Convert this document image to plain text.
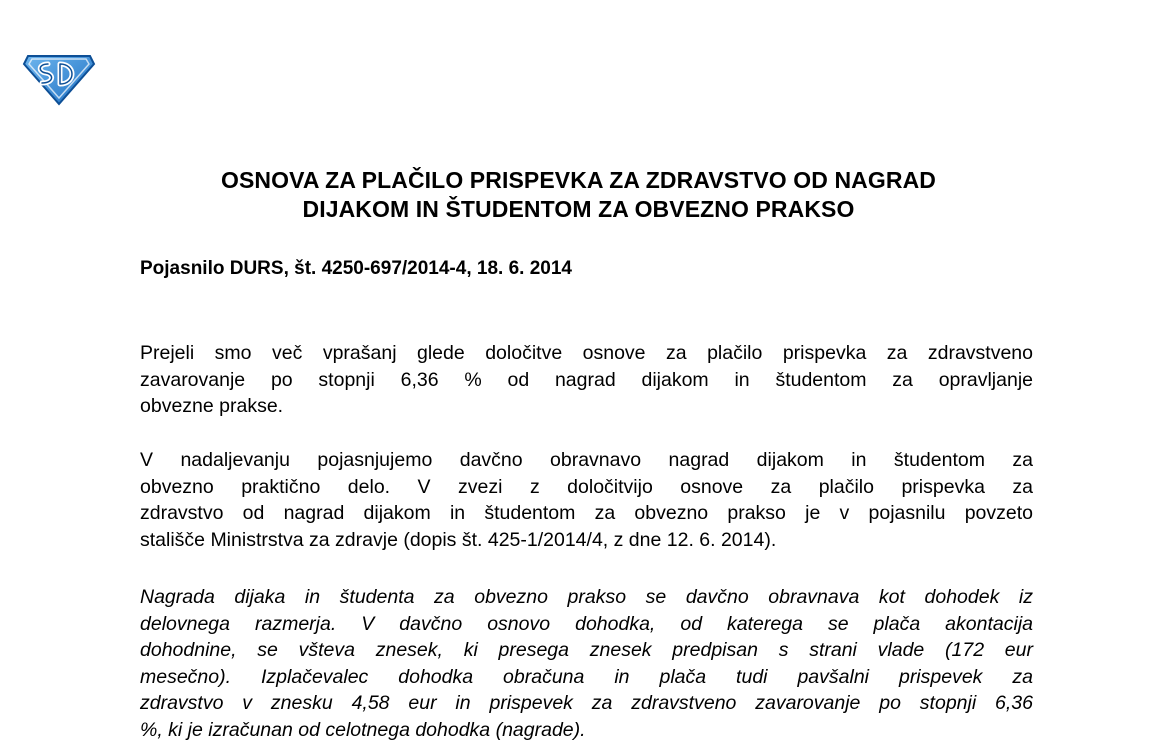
OSNOVA ZA PLAČILO PRISPEVKA ZA ZDRAVSTVO OD NAGRAD
DIJAKOM IN ŠTUDENTOM ZA OBVEZNO PRAKSO
Pojasnilo DURS, št. 4250-697/2014-4, 18. 6. 2014
Prejeli smo več vprašanj glede določitve osnove za plačilo prispevka za zdravstveno
zavarovanje po stopnji 6,36 % od nagrad dijakom in študentom za opravljanje
obvezne prakse.
V nadaljevanju pojasnjujemo davčno obravnavo nagrad dijakom in študentom za
obvezno praktično delo. V zvezi z določitvijo osnove za plačilo prispevka za
zdravstvo od nagrad dijakom in študentom za obvezno prakso je v pojasnilu povzeto
stališče Ministrstva za zdravje (dopis št. 425-1/2014/4, z dne 12. 6. 2014).
Nagrada dijaka in študenta za obvezno prakso se davčno obravnava kot dohodek iz
delovnega razmerja. V davčno osnovo dohodka, od katerega se plača akontacija
dohodnine, se všteva znesek, ki presega znesek predpisan s strani vlade (172 eur
mesečno). Izplačevalec dohodka obračuna in plača tudi pavšalni prispevek za
zdravstvo v znesku 4,58 eur in prispevek za zdravstveno zavarovanje po stopnji 6,36
%, ki je izračunan od celotnega dohodka (nagrade).
